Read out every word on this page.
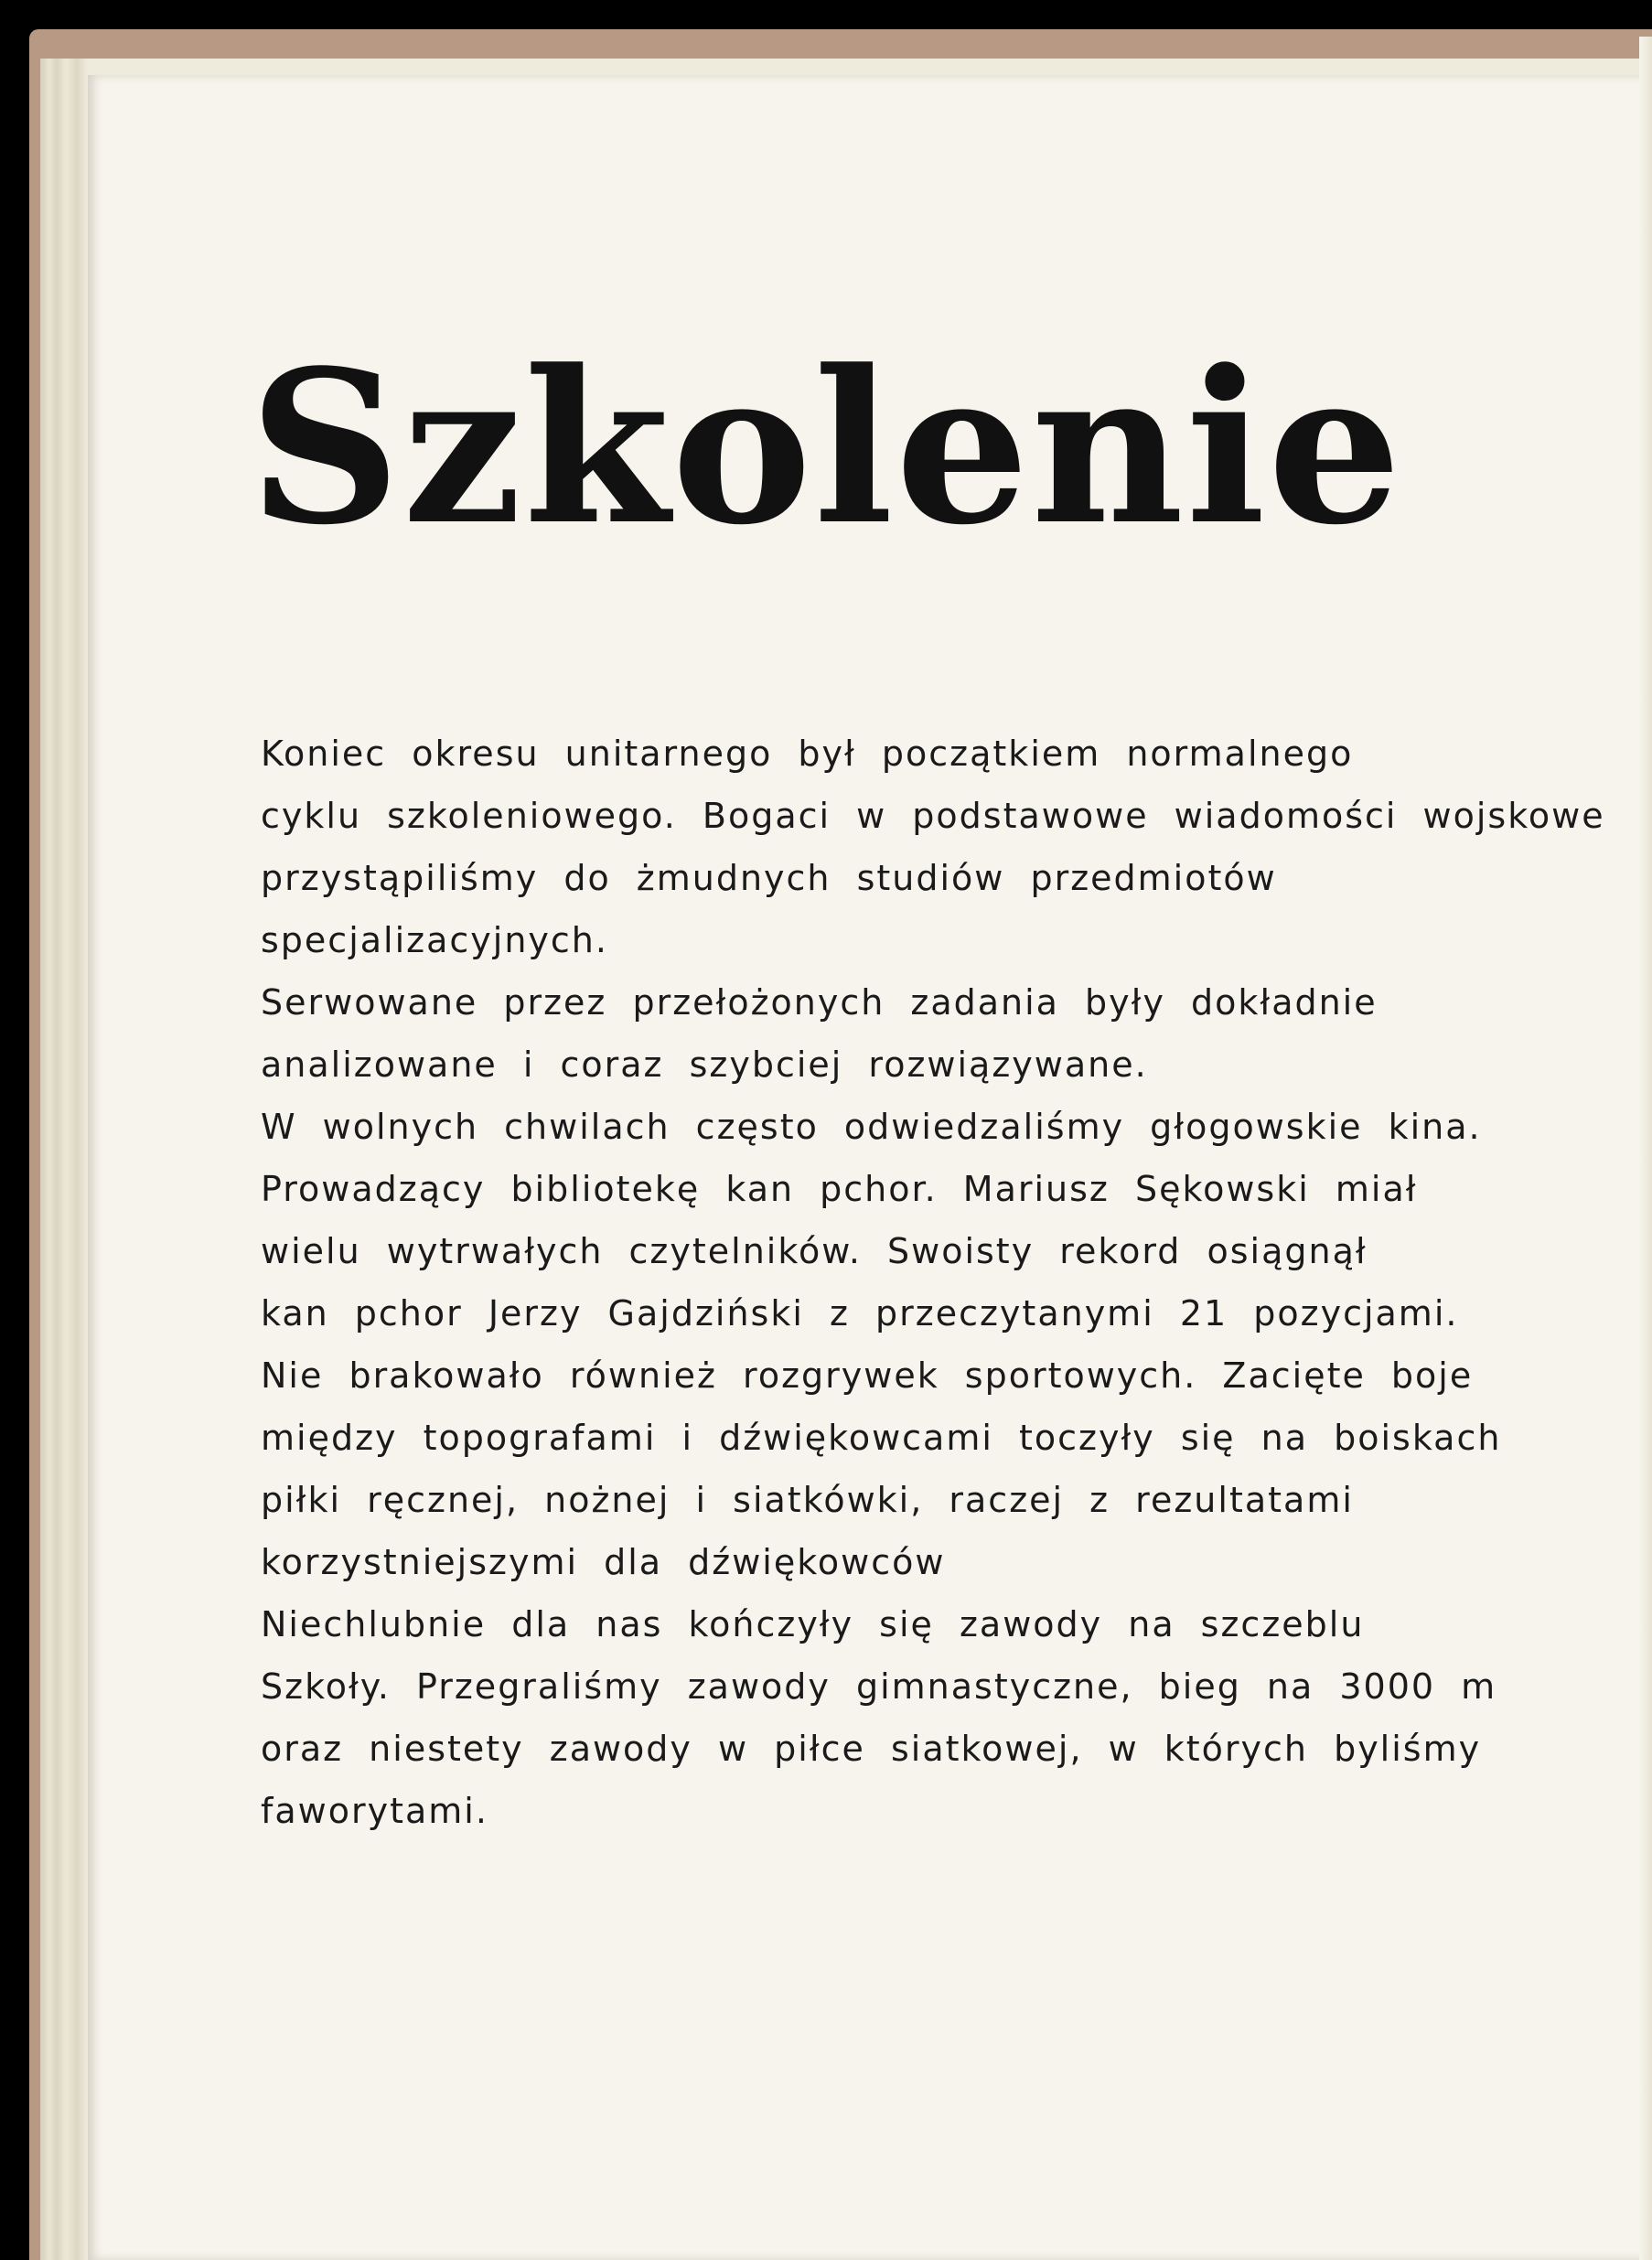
Szkolenie
Koniec okresu unitarnego był początkiem normalnego
cyklu szkoleniowego. Bogaci w podstawowe wiadomości wojskowe
przystąpiliśmy do żmudnych studiów przedmiotów
specjalizacyjnych.
Serwowane przez przełożonych zadania były dokładnie
analizowane i coraz szybciej rozwiązywane.
W wolnych chwilach często odwiedzaliśmy głogowskie kina.
Prowadzący bibliotekę kan pchor. Mariusz Sękowski miał
wielu wytrwałych czytelników. Swoisty rekord osiągnął
kan pchor Jerzy Gajdziński z przeczytanymi 21 pozycjami.
Nie brakowało również rozgrywek sportowych. Zacięte boje
między topografami i dźwiękowcami toczyły się na boiskach
piłki ręcznej, nożnej i siatkówki, raczej z rezultatami
korzystniejszymi dla dźwiękowców
Niechlubnie dla nas kończyły się zawody na szczeblu
Szkoły. Przegraliśmy zawody gimnastyczne, bieg na 3000 m
oraz niestety zawody w piłce siatkowej, w których byliśmy
faworytami.
